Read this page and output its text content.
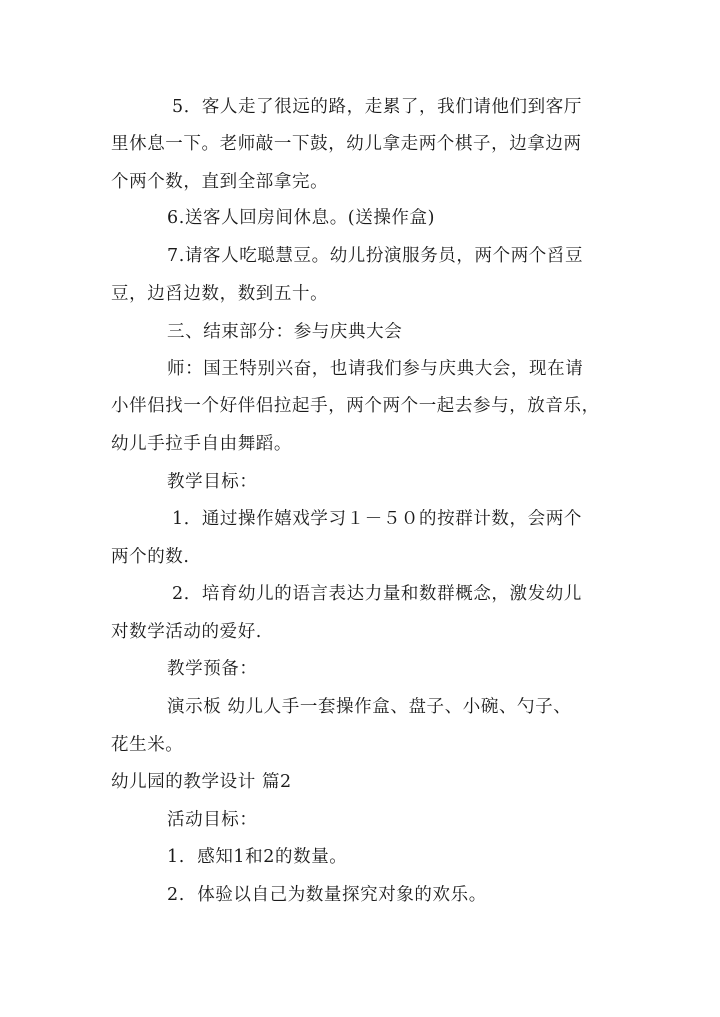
5．客人走了很远的路，走累了，我们请他们到客厅
里休息一下。老师敲一下鼓，幼儿拿走两个棋子，边拿边两
个两个数，直到全部拿完。
6.送客人回房间休息。(送操作盒)
7.请客人吃聪慧豆。幼儿扮演服务员，两个两个舀豆
豆，边舀边数，数到五十。
三、结束部分：参与庆典大会
师：国王特别兴奋，也请我们参与庆典大会，现在请
小伴侣找一个好伴侣拉起手，两个两个一起去参与，放音乐，
幼儿手拉手自由舞蹈。
教学目标：
1．通过操作嬉戏学习１－５０的按群计数，会两个
两个的数.
2．培育幼儿的语言表达力量和数群概念，激发幼儿
对数学活动的爱好.
教学预备：
演示板 幼儿人手一套操作盒、盘子、小碗、勺子、
花生米。
幼儿园的教学设计 篇2
活动目标：
1.  感知1和2的数量。
2.  体验以自己为数量探究对象的欢乐。
